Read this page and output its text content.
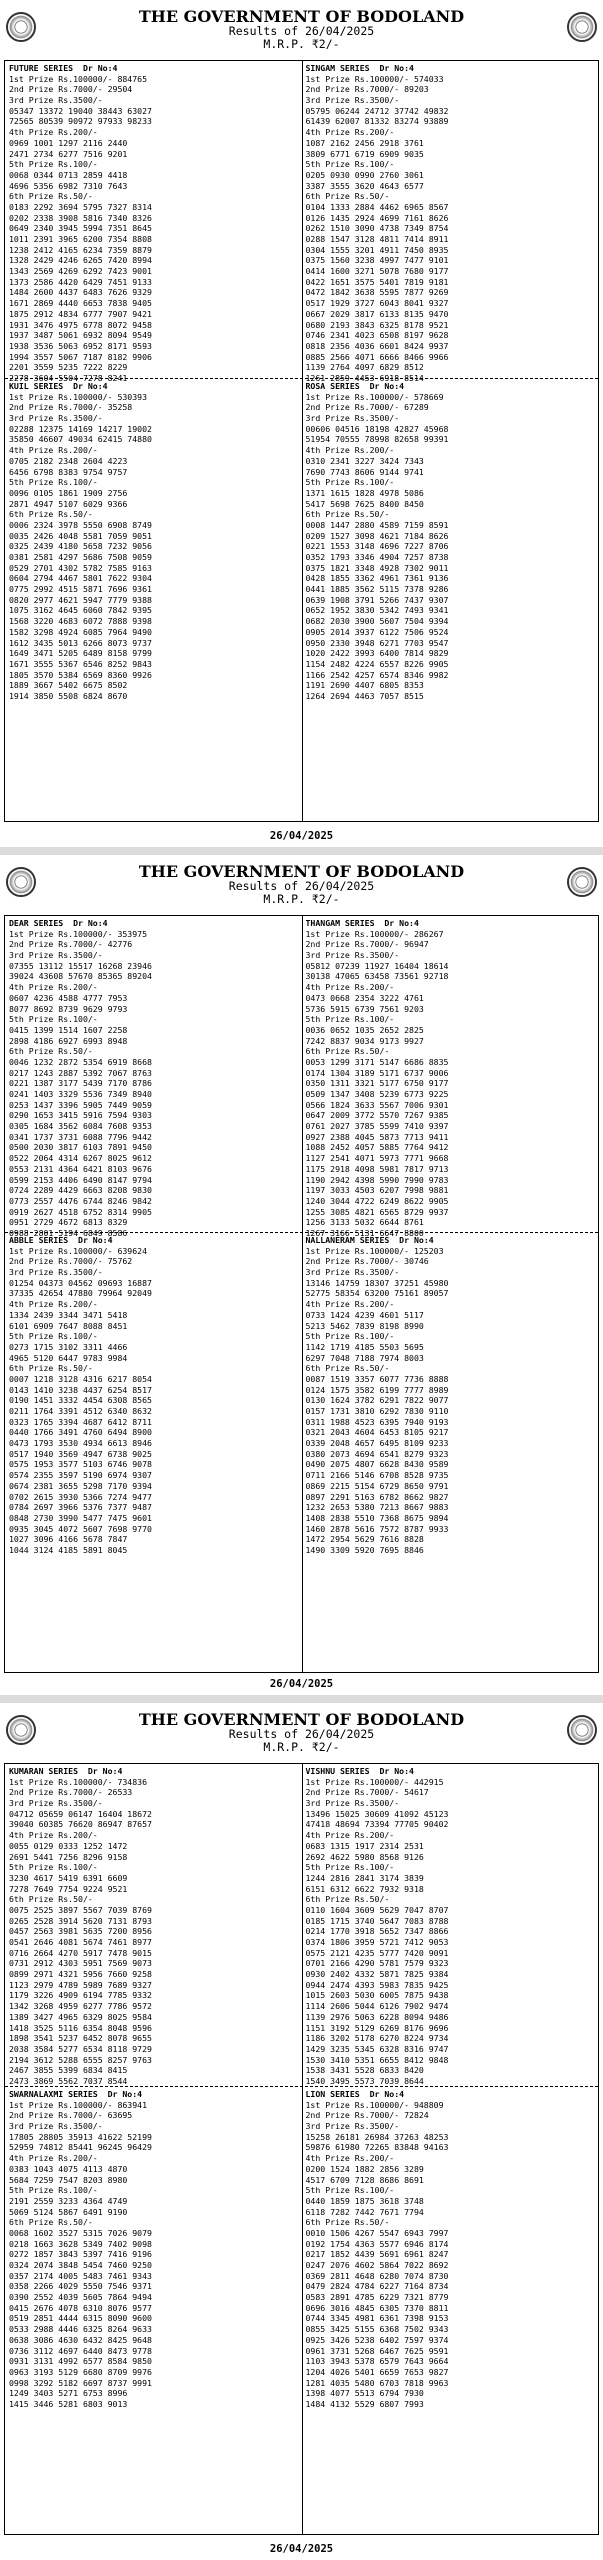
THE GOVERNMENT OF BODOLAND
Results of 26/04/2025
M.R.P. ₹2/-
FUTURE SERIES Dr No:4
1st Prize Rs.100000/- 884765
2nd Prize Rs.7000/- 29504
3rd Prize Rs.3500/-
05347 13372 19040 38443 63027
72565 80539 90972 97933 98233
4th Prize Rs.200/-
0969 1001 1297 2116 2440
2471 2734 6277 7516 9201
5th Prize Rs.100/-
0068 0344 0713 2859 4418
4696 5356 6982 7310 7643
6th Prize Rs.50/-
0183 2292 3694 5795 7327 8314
0202 2338 3908 5816 7340 8326
0649 2340 3945 5994 7351 8645
1011 2391 3965 6200 7354 8808
1238 2412 4165 6234 7359 8879
1328 2429 4246 6265 7420 8994
1343 2569 4269 6292 7423 9001
1373 2586 4420 6429 7451 9133
1484 2600 4437 6483 7626 9329
1671 2869 4440 6653 7838 9405
1875 2912 4834 6777 7907 9421
1931 3476 4975 6778 8072 9458
1937 3487 5061 6932 8094 9549
1938 3536 5063 6952 8171 9593
1994 3557 5067 7187 8182 9906
2201 3559 5235 7222 8229
2278 3604 5504 7278 8241
SINGAM SERIES Dr No:4
1st Prize Rs.100000/- 574033
2nd Prize Rs.7000/- 89203
3rd Prize Rs.3500/-
05795 06244 24712 37742 49832
61439 62007 81332 83274 93889
4th Prize Rs.200/-
1087 2162 2456 2918 3761
3809 6771 6719 6909 9035
5th Prize Rs.100/-
0205 0930 0990 2760 3061
3387 3555 3620 4643 6577
6th Prize Rs.50/-
0104 1333 2884 4462 6965 8567
0126 1435 2924 4699 7161 8626
0262 1510 3090 4738 7349 8754
0288 1547 3128 4811 7414 8911
0304 1555 3201 4911 7450 8935
0375 1560 3238 4997 7477 9101
0414 1600 3271 5078 7680 9177
0422 1651 3575 5401 7819 9181
0472 1842 3638 5595 7877 9269
0517 1929 3727 6043 8041 9327
0667 2029 3817 6133 8135 9470
0680 2193 3843 6325 8178 9521
0746 2341 4023 6508 8197 9628
0818 2356 4036 6601 8424 9937
0885 2566 4071 6666 8466 9966
1139 2764 4097 6829 8512
1261 2859 4453 6918 8514
KUIL SERIES Dr No:4
1st Prize Rs.100000/- 530393
2nd Prize Rs.7000/- 35258
3rd Prize Rs.3500/-
02288 12375 14169 14217 19002
35850 46607 49034 62415 74880
4th Prize Rs.200/-
0705 2182 2348 2604 4223
6456 6798 8383 9754 9757
5th Prize Rs.100/-
0096 0105 1861 1909 2756
2871 4947 5107 6029 9366
6th Prize Rs.50/-
0006 2324 3978 5550 6908 8749
0035 2426 4048 5581 7059 9051
0325 2439 4180 5658 7232 9056
0381 2581 4297 5686 7508 9059
0529 2701 4302 5782 7585 9163
0604 2794 4467 5801 7622 9304
0775 2992 4515 5871 7696 9361
0820 2977 4621 5947 7779 9388
1075 3162 4645 6060 7842 9395
1568 3220 4683 6072 7888 9398
1582 3298 4924 6085 7964 9490
1612 3435 5013 6266 8073 9737
1649 3471 5205 6489 8158 9799
1671 3555 5367 6546 8252 9843
1805 3570 5384 6569 8360 9926
1889 3667 5402 6675 8502
1914 3850 5508 6824 8670
ROSA SERIES Dr No:4
1st Prize Rs.100000/- 578669
2nd Prize Rs.7000/- 67289
3rd Prize Rs.3500/-
00606 04516 18198 42827 45968
51954 70555 78998 82658 99391
4th Prize Rs.200/-
0310 2341 3227 3424 7343
7690 7743 8606 9144 9741
5th Prize Rs.100/-
1371 1615 1828 4978 5086
5417 5698 7625 8400 8450
6th Prize Rs.50/-
0008 1447 2880 4589 7159 8591
0209 1527 3098 4621 7184 8626
0221 1553 3148 4696 7227 8706
0352 1793 3346 4904 7257 8738
0375 1821 3348 4928 7302 9011
0428 1855 3362 4961 7361 9136
0441 1885 3562 5115 7378 9286
0639 1908 3791 5266 7437 9307
0652 1952 3830 5342 7493 9341
0682 2030 3900 5607 7504 9394
0905 2014 3937 6122 7506 9524
0950 2330 3948 6271 7703 9547
1020 2422 3993 6400 7814 9829
1154 2482 4224 6557 8226 9905
1166 2542 4257 6574 8346 9982
1191 2690 4407 6805 8353
1264 2694 4463 7057 8515
26/04/2025
THE GOVERNMENT OF BODOLAND
Results of 26/04/2025
M.R.P. ₹2/-
DEAR SERIES Dr No:4
1st Prize Rs.100000/- 353975
2nd Prize Rs.7000/- 42776
3rd Prize Rs.3500/-
07355 13112 15517 16268 23946
39024 43608 57670 85365 89204
4th Prize Rs.200/-
0607 4236 4588 4777 7953
8077 8692 8739 9629 9793
5th Prize Rs.100/-
0415 1399 1514 1607 2258
2898 4186 6927 6993 8948
6th Prize Rs.50/-
0046 1232 2872 5354 6919 8668
0217 1243 2887 5392 7067 8763
0221 1387 3177 5439 7170 8786
0241 1403 3329 5536 7349 8940
0253 1437 3396 5905 7449 9059
0290 1653 3415 5916 7594 9303
0305 1684 3562 6084 7608 9353
0341 1737 3731 6088 7796 9442
0500 2030 3817 6103 7891 9450
0522 2064 4314 6267 8025 9612
0553 2131 4364 6421 8103 9676
0599 2153 4406 6490 8147 9794
0724 2289 4429 6663 8208 9830
0773 2557 4476 6744 8246 9842
0919 2627 4518 6752 8314 9905
0951 2729 4672 6813 8329
0988 2801 5194 6849 8586
THANGAM SERIES Dr No:4
1st Prize Rs.100000/- 286267
2nd Prize Rs.7000/- 96947
3rd Prize Rs.3500/-
05812 07239 11927 16404 18614
30138 47065 63458 73561 92718
4th Prize Rs.200/-
0473 0668 2354 3222 4761
5736 5915 6739 7561 9203
5th Prize Rs.100/-
0036 0652 1035 2652 2825
7242 8837 9034 9173 9927
6th Prize Rs.50/-
0053 1299 3171 5147 6686 8835
0174 1304 3189 5171 6737 9006
0350 1311 3321 5177 6750 9177
0509 1347 3408 5239 6773 9225
0566 1824 3633 5567 7006 9301
0647 2009 3772 5570 7267 9385
0761 2027 3785 5599 7410 9397
0927 2388 4045 5873 7713 9411
1088 2452 4057 5885 7764 9412
1127 2541 4071 5973 7771 9668
1175 2918 4098 5981 7817 9713
1190 2942 4398 5990 7990 9783
1197 3033 4503 6207 7998 9881
1240 3044 4722 6249 8622 9905
1255 3085 4821 6565 8729 9937
1256 3133 5032 6644 8761
1267 3166 5131 6647 8800
ABBLE SERIES Dr No:4
1st Prize Rs.100000/- 639624
2nd Prize Rs.7000/- 75762
3rd Prize Rs.3500/-
01254 04373 04562 09693 16887
37335 42654 47880 79964 92049
4th Prize Rs.200/-
1334 2439 3344 3471 5418
6101 6909 7647 8088 8451
5th Prize Rs.100/-
0273 1715 3102 3311 4466
4965 5120 6447 9783 9984
6th Prize Rs.50/-
0007 1218 3128 4316 6217 8054
0143 1410 3238 4437 6254 8517
0190 1451 3332 4454 6308 8565
0211 1764 3391 4512 6340 8632
0323 1765 3394 4687 6412 8711
0440 1766 3491 4760 6494 8900
0473 1793 3530 4934 6613 8946
0517 1940 3569 4947 6738 9025
0575 1953 3577 5103 6746 9078
0574 2355 3597 5190 6974 9307
0674 2381 3655 5298 7170 9394
0702 2615 3930 5366 7274 9477
0784 2697 3966 5376 7377 9487
0848 2730 3990 5477 7475 9601
0935 3045 4072 5607 7698 9770
1027 3096 4166 5678 7847
1044 3124 4185 5891 8045
NALLANERAM SERIES Dr No:4
1st Prize Rs.100000/- 125203
2nd Prize Rs.7000/- 30746
3rd Prize Rs.3500/-
13146 14759 18307 37251 45980
52775 58354 63200 75161 89057
4th Prize Rs.200/-
0733 1424 4239 4601 5117
5213 5462 7839 8198 8990
5th Prize Rs.100/-
1142 1719 4185 5503 5695
6297 7048 7188 7974 8003
6th Prize Rs.50/-
0087 1519 3357 6077 7736 8888
0124 1575 3582 6199 7777 8989
0130 1624 3782 6291 7822 9077
0157 1731 3810 6292 7830 9110
0311 1988 4523 6395 7940 9193
0321 2043 4604 6453 8105 9217
0339 2048 4657 6495 8109 9233
0380 2073 4694 6541 8279 9323
0490 2075 4807 6628 8430 9589
0711 2166 5146 6708 8528 9735
0869 2215 5154 6729 8650 9791
0897 2291 5163 6782 8662 9827
1232 2653 5380 7213 8667 9883
1408 2838 5510 7368 8675 9894
1460 2878 5616 7572 8787 9933
1472 2954 5629 7616 8828
1490 3309 5920 7695 8846
26/04/2025
THE GOVERNMENT OF BODOLAND
Results of 26/04/2025
M.R.P. ₹2/-
KUMARAN SERIES Dr No:4
1st Prize Rs.100000/- 734836
2nd Prize Rs.7000/- 26533
3rd Prize Rs.3500/-
04712 05659 06147 16404 18672
39040 60385 76620 86947 87657
4th Prize Rs.200/-
0055 0129 0333 1252 1472
2691 5441 7256 8296 9158
5th Prize Rs.100/-
3230 4617 5419 6391 6609
7278 7649 7754 9224 9521
6th Prize Rs.50/-
0075 2525 3897 5567 7039 8769
0265 2528 3914 5620 7131 8793
0457 2563 3981 5635 7200 8956
0541 2646 4081 5674 7461 8977
0716 2664 4270 5917 7478 9015
0731 2912 4303 5951 7569 9073
0899 2971 4321 5956 7660 9258
1123 2979 4789 5989 7689 9327
1179 3226 4909 6194 7785 9332
1342 3268 4959 6277 7786 9572
1389 3427 4965 6329 8025 9584
1418 3525 5116 6354 8048 9596
1898 3541 5237 6452 8078 9655
2038 3584 5277 6534 8118 9729
2194 3612 5288 6555 8257 9763
2467 3855 5399 6834 8415
2473 3869 5562 7037 8544
VISHNU SERIES Dr No:4
1st Prize Rs.100000/- 442915
2nd Prize Rs.7000/- 54617
3rd Prize Rs.3500/-
13496 15025 30609 41092 45123
47418 48694 73394 77705 90402
4th Prize Rs.200/-
0683 1315 1917 2314 2531
2692 4622 5980 8568 9126
5th Prize Rs.100/-
1244 2816 2841 3174 3839
6151 6312 6622 7932 9318
6th Prize Rs.50/-
0110 1604 3609 5629 7047 8707
0185 1715 3740 5647 7083 8788
0214 1770 3918 5652 7347 8866
0374 1806 3959 5721 7412 9053
0575 2121 4235 5777 7420 9091
0701 2166 4290 5781 7579 9323
0930 2402 4332 5871 7825 9384
0944 2474 4393 5983 7835 9425
1015 2603 5030 6005 7875 9438
1114 2606 5044 6126 7902 9474
1139 2976 5063 6228 8094 9486
1151 3192 5129 6269 8176 9696
1186 3202 5178 6270 8224 9734
1429 3235 5345 6328 8316 9747
1530 3410 5351 6655 8412 9848
1538 3431 5528 6833 8420
1540 3495 5573 7039 8644
SWARNALAXMI SERIES Dr No:4
1st Prize Rs.100000/- 863941
2nd Prize Rs.7000/- 63695
3rd Prize Rs.3500/-
17805 28805 35913 41622 52199
52959 74812 85441 96245 96429
4th Prize Rs.200/-
0383 1043 4075 4113 4870
5684 7259 7547 8203 8980
5th Prize Rs.100/-
2191 2559 3233 4364 4749
5069 5124 5867 6491 9190
6th Prize Rs.50/-
0068 1602 3527 5315 7026 9079
0218 1663 3628 5349 7402 9098
0272 1857 3843 5397 7416 9196
0324 2074 3848 5454 7460 9250
0357 2174 4005 5483 7461 9343
0358 2266 4029 5550 7546 9371
0390 2552 4039 5605 7864 9494
0415 2676 4078 6310 8076 9577
0519 2851 4444 6315 8090 9600
0533 2988 4446 6325 8264 9633
0638 3086 4630 6432 8425 9648
0736 3112 4697 6440 8473 9778
0931 3131 4992 6577 8584 9850
0963 3193 5129 6680 8709 9976
0998 3292 5182 6697 8737 9991
1249 3403 5271 6753 8996
1415 3446 5281 6803 9013
LION SERIES Dr No:4
1st Prize Rs.100000/- 948809
2nd Prize Rs.7000/- 72824
3rd Prize Rs.3500/-
15258 26181 26984 37263 48253
59876 61980 72265 83848 94163
4th Prize Rs.200/-
0200 1524 1882 2856 3289
4517 6709 7128 8686 8691
5th Prize Rs.100/-
0440 1859 1875 3618 3748
6118 7282 7442 7671 7794
6th Prize Rs.50/-
0010 1506 4267 5547 6943 7997
0192 1754 4363 5577 6946 8174
0217 1852 4439 5691 6961 8247
0247 2076 4602 5864 7022 8692
0369 2811 4648 6280 7074 8730
0479 2824 4784 6227 7164 8734
0583 2891 4785 6229 7321 8779
0696 3016 4845 6305 7370 8811
0744 3345 4981 6361 7398 9153
0855 3425 5155 6368 7502 9343
0925 3426 5238 6402 7597 9374
0961 3731 5268 6467 7625 9591
1103 3943 5378 6579 7643 9664
1204 4026 5401 6659 7653 9827
1281 4035 5480 6703 7818 9963
1398 4077 5513 6794 7930
1484 4132 5529 6807 7993
26/04/2025
